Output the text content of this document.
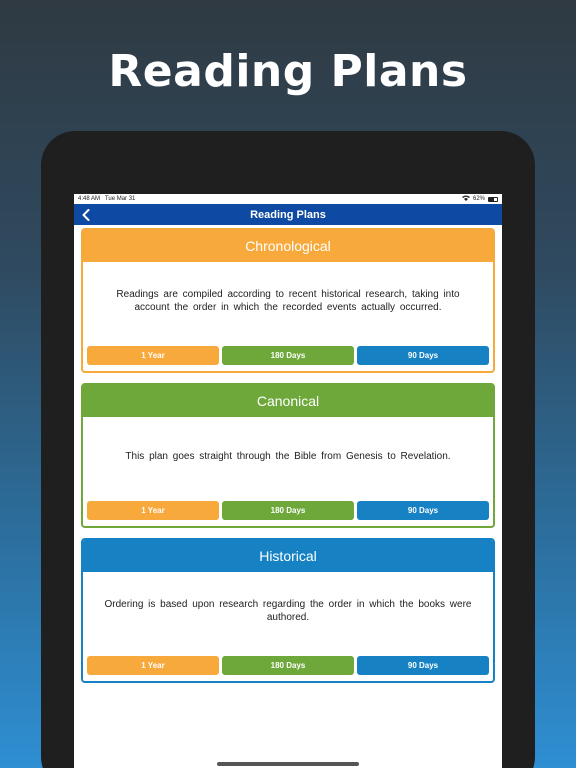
Reading Plans
4:48 AM Tue Mar 31	62%
Reading Plans
Chronological
Readings are compiled according to recent historical research, taking into account the order in which the recorded events actually occurred.
1 Year	180 Days	90 Days
Canonical
This plan goes straight through the Bible from Genesis to Revelation.
1 Year	180 Days	90 Days
Historical
Ordering is based upon research regarding the order in which the books were authored.
1 Year	180 Days	90 Days
